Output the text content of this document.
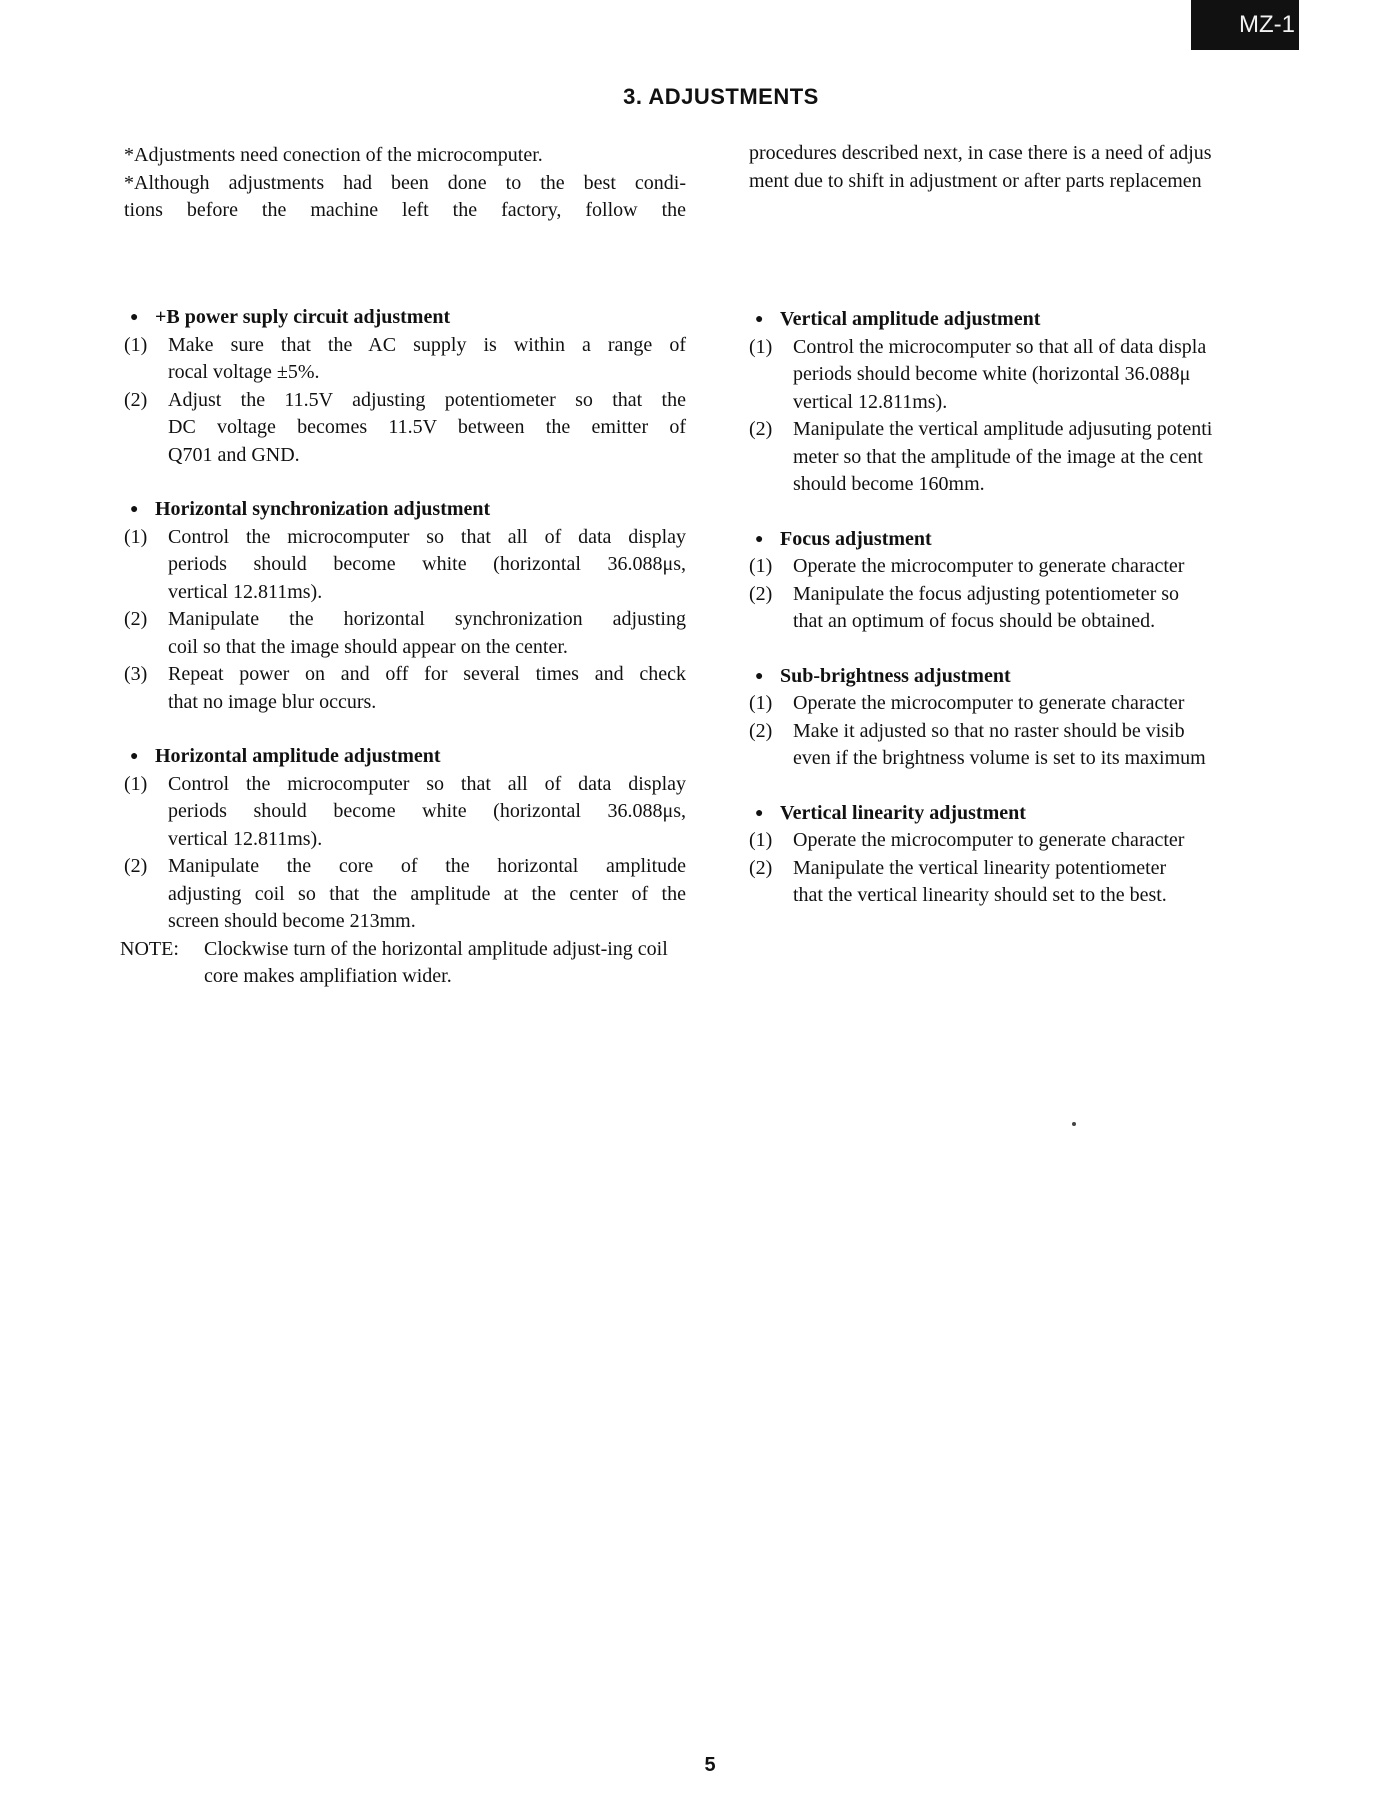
MZ-1
3. ADJUSTMENTS
*Adjustments need conection of the microcomputer.
*Although adjustments had been done to the best condi-
tions before the machine left the factory, follow the
procedures described next, in case there is a need of adjus
ment due to shift in adjustment or after parts replacemen
● +B power suply circuit adjustment
(1) Make sure that the AC supply is within a range of
rocal voltage ±5%.
(2) Adjust the 11.5V adjusting potentiometer so that the
DC voltage becomes 11.5V between the emitter of
Q701 and GND.
● Horizontal synchronization adjustment
(1) Control the microcomputer so that all of data display
periods should become white (horizontal 36.088μs,
vertical 12.811ms).
(2) Manipulate the horizontal synchronization adjusting
coil so that the image should appear on the center.
(3) Repeat power on and off for several times and check
that no image blur occurs.
● Horizontal amplitude adjustment
(1) Control the microcomputer so that all of data display
periods should become white (horizontal 36.088μs,
vertical 12.811ms).
(2) Manipulate the core of the horizontal amplitude
adjusting coil so that the amplitude at the center of the
screen should become 213mm.
NOTE: Clockwise turn of the horizontal amplitude adjust-ing coil core makes amplifiation wider.
● Vertical amplitude adjustment
(1) Control the microcomputer so that all of data displa
periods should become white (horizontal 36.088μ
vertical 12.811ms).
(2) Manipulate the vertical amplitude adjusuting potenti
meter so that the amplitude of the image at the cent
should become 160mm.
● Focus adjustment
(1) Operate the microcomputer to generate character
(2) Manipulate the focus adjusting potentiometer so
that an optimum of focus should be obtained.
● Sub-brightness adjustment
(1) Operate the microcomputer to generate character
(2) Make it adjusted so that no raster should be visib
even if the brightness volume is set to its maximum
● Vertical linearity adjustment
(1) Operate the microcomputer to generate character
(2) Manipulate the vertical linearity potentiometer
that the vertical linearity should set to the best.
5
